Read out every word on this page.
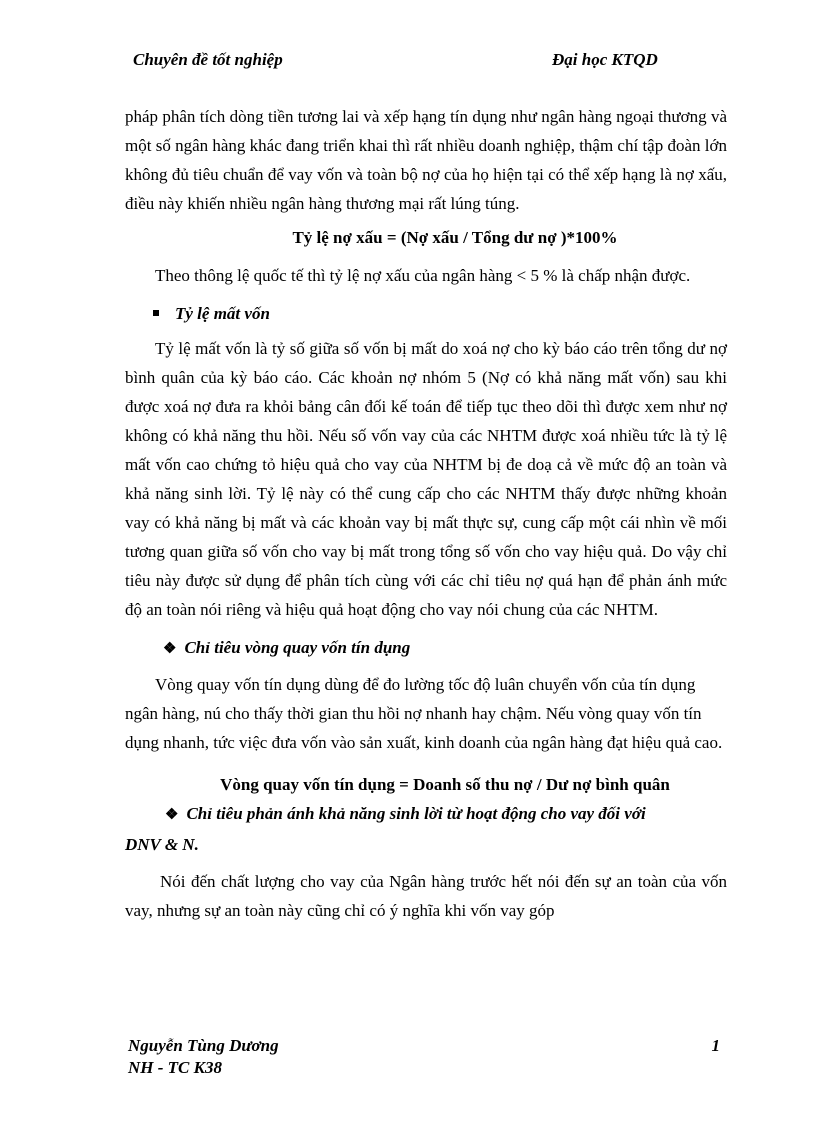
Chuyên đề tốt nghiệp	Đại học KTQD

pháp phân tích dòng tiền tương lai và xếp hạng tín dụng như ngân hàng ngoại thương và một số ngân hàng khác đang triển khai thì rất nhiều doanh nghiệp, thậm chí tập đoàn lớn không đủ tiêu chuẩn để vay vốn và toàn bộ nợ của họ hiện tại có thể xếp hạng là nợ xấu, điều này khiến nhiều ngân hàng thương mại rất lúng túng.

Tỷ lệ nợ xấu = (Nợ xấu / Tổng dư nợ )*100%

Theo thông lệ quốc tế thì tỷ lệ nợ xấu của ngân hàng < 5 % là chấp nhận được.

Tỷ lệ mất vốn

Tỷ lệ mất vốn là tỷ số giữa số vốn bị mất do xoá nợ cho kỳ báo cáo trên tổng dư nợ bình quân của kỳ báo cáo. Các khoản nợ nhóm 5 (Nợ có khả năng mất vốn) sau khi được xoá nợ đưa ra khỏi bảng cân đối kế toán để tiếp tục theo dõi thì được xem như nợ không có khả năng thu hồi. Nếu số vốn vay của các NHTM được xoá nhiều tức là tỷ lệ mất vốn cao chứng tỏ hiệu quả cho vay của NHTM bị đe doạ cả về mức độ an toàn và khả năng sinh lời. Tỷ lệ này có thể cung cấp cho các NHTM thấy được những khoản vay có khả năng bị mất và các khoản vay bị mất thực sự, cung cấp một cái nhìn về mối tương quan giữa số vốn cho vay bị mất trong tổng số vốn cho vay hiệu quả. Do vậy chỉ tiêu này được sử dụng để phân tích cùng với các chỉ tiêu nợ quá hạn để phản ánh mức độ an toàn nói riêng và hiệu quả hoạt động cho vay nói chung của các NHTM.

❖ Chỉ tiêu vòng quay vốn tín dụng

Vòng quay vốn tín dụng dùng để đo lường tốc độ luân chuyển vốn của tín dụng ngân hàng, nú cho thấy thời gian thu hồi nợ nhanh hay chậm. Nếu vòng quay vốn tín dụng nhanh, tức việc đưa vốn vào sản xuất, kinh doanh của ngân hàng đạt hiệu quả cao.

Vòng quay vốn tín dụng = Doanh số thu nợ / Dư nợ bình quân

❖ Chỉ tiêu phản ánh khả năng sinh lời từ hoạt động cho vay đối với

DNV & N.

Nói đến chất lượng cho vay của Ngân hàng trước hết nói đến sự an toàn của vốn vay, nhưng sự an toàn này cũng chỉ có ý nghĩa khi vốn vay góp

Nguyễn Tùng Dương
NH - TC K38
1
